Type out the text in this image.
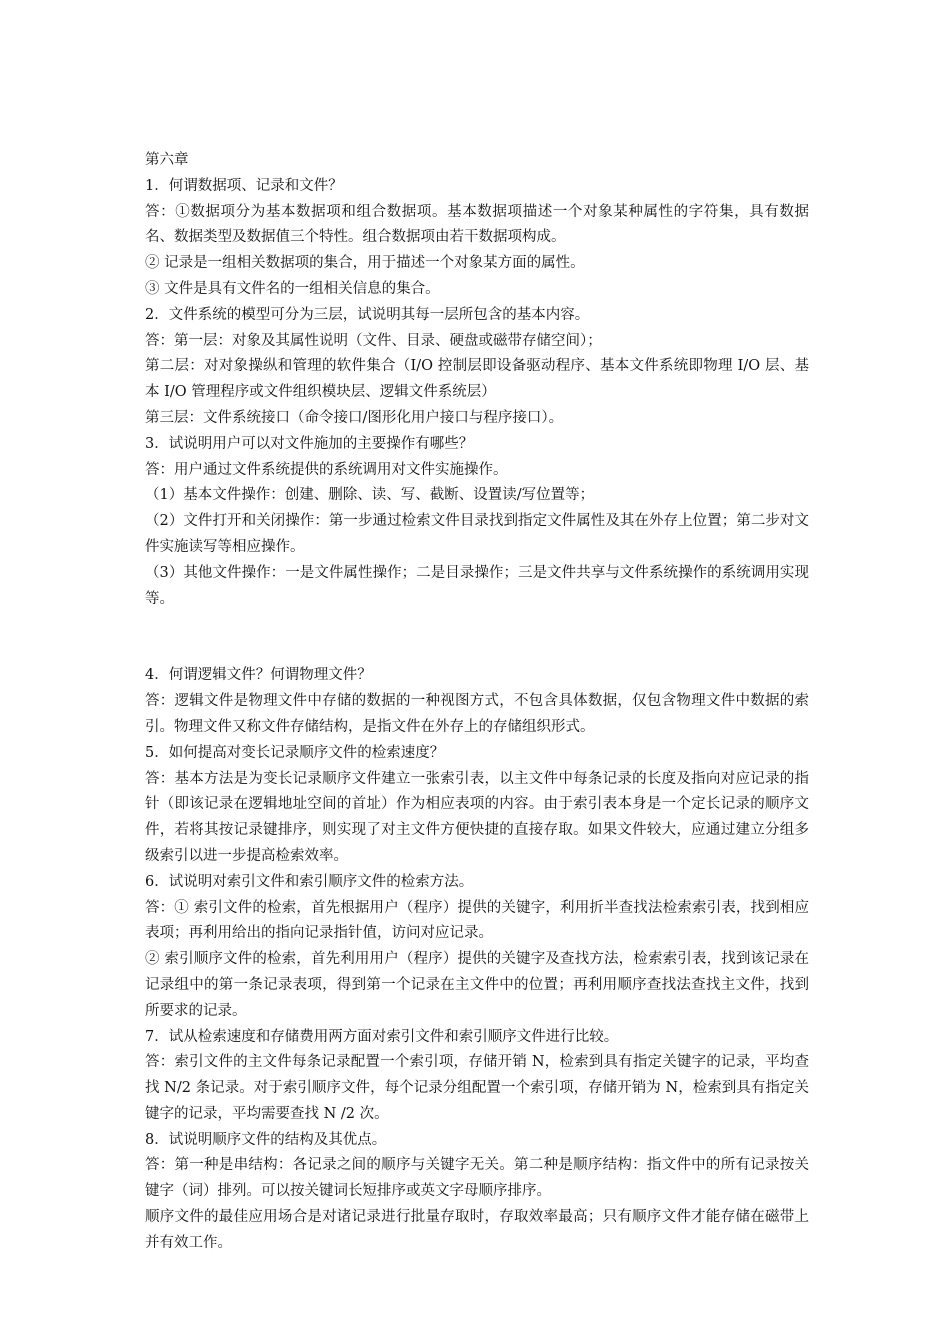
第六章

1．何谓数据项、记录和文件？

答：①数据项分为基本数据项和组合数据项。基本数据项描述一个对象某种属性的字符集，具有数据名、数据类型及数据值三个特性。组合数据项由若干数据项构成。

② 记录是一组相关数据项的集合，用于描述一个对象某方面的属性。

③ 文件是具有文件名的一组相关信息的集合。

2．文件系统的模型可分为三层，试说明其每一层所包含的基本内容。

答：第一层：对象及其属性说明（文件、目录、硬盘或磁带存储空间）；

第二层：对对象操纵和管理的软件集合（I/O 控制层即设备驱动程序、基本文件系统即物理 I/O 层、基本 I/O 管理程序或文件组织模块层、逻辑文件系统层）

第三层：文件系统接口（命令接口/图形化用户接口与程序接口）。

3．试说明用户可以对文件施加的主要操作有哪些？

答：用户通过文件系统提供的系统调用对文件实施操作。

（1）基本文件操作：创建、删除、读、写、截断、设置读/写位置等；

（2）文件打开和关闭操作：第一步通过检索文件目录找到指定文件属性及其在外存上位置；第二步对文件实施读写等相应操作。

（3）其他文件操作：一是文件属性操作；二是目录操作；三是文件共享与文件系统操作的系统调用实现等。

4．何谓逻辑文件？何谓物理文件？

答：逻辑文件是物理文件中存储的数据的一种视图方式，不包含具体数据，仅包含物理文件中数据的索引。物理文件又称文件存储结构，是指文件在外存上的存储组织形式。

5．如何提高对变长记录顺序文件的检索速度？

答：基本方法是为变长记录顺序文件建立一张索引表，以主文件中每条记录的长度及指向对应记录的指针（即该记录在逻辑地址空间的首址）作为相应表项的内容。由于索引表本身是一个定长记录的顺序文件，若将其按记录键排序，则实现了对主文件方便快捷的直接存取。如果文件较大，应通过建立分组多级索引以进一步提高检索效率。

6．试说明对索引文件和索引顺序文件的检索方法。

答：① 索引文件的检索，首先根据用户（程序）提供的关键字，利用折半查找法检索索引表，找到相应表项；再利用给出的指向记录指针值，访问对应记录。

② 索引顺序文件的检索，首先利用用户（程序）提供的关键字及查找方法，检索索引表，找到该记录在记录组中的第一条记录表项，得到第一个记录在主文件中的位置；再利用顺序查找法查找主文件，找到所要求的记录。

7．试从检索速度和存储费用两方面对索引文件和索引顺序文件进行比较。

答：索引文件的主文件每条记录配置一个索引项，存储开销 N，检索到具有指定关键字的记录，平均查找 N/2 条记录。对于索引顺序文件，每个记录分组配置一个索引项，存储开销为 N，检索到具有指定关键字的记录，平均需要查找 N /2 次。

8．试说明顺序文件的结构及其优点。

答：第一种是串结构：各记录之间的顺序与关键字无关。第二种是顺序结构：指文件中的所有记录按关键字（词）排列。可以按关键词长短排序或英文字母顺序排序。

顺序文件的最佳应用场合是对诸记录进行批量存取时，存取效率最高；只有顺序文件才能存储在磁带上并有效工作。
